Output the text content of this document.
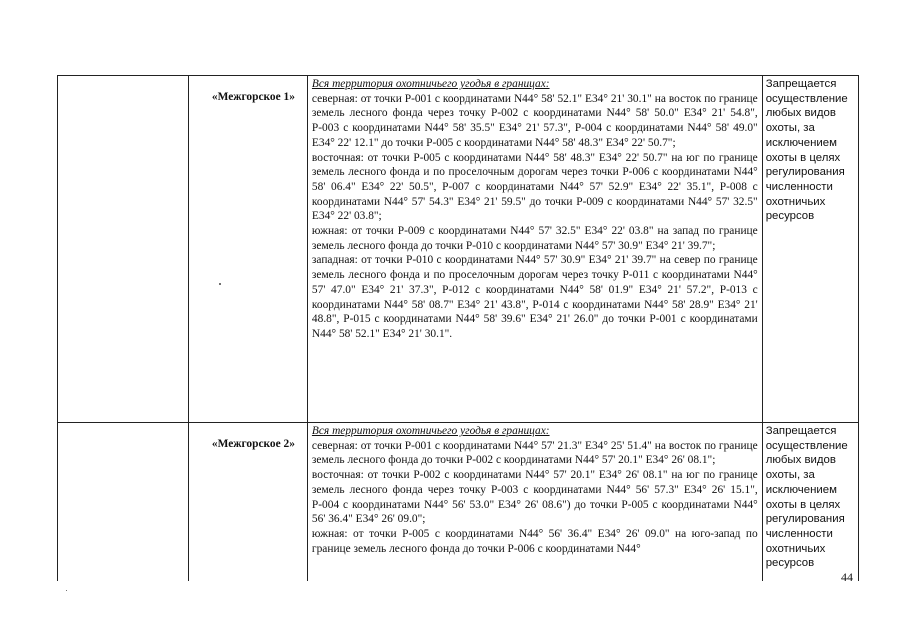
	«Межгорское 1»	Вся территория охотничьего угодья в границах:

северная: от точки Р-001 с координатами N44° 58' 52.1" E34° 21' 30.1" на восток по границе земель лесного фонда через точку Р-002 с координатами N44° 58' 50.0" E34° 21' 54.8", Р-003 с координатами N44° 58' 35.5" E34° 21' 57.3", Р-004 с координатами N44° 58' 49.0" E34° 22' 12.1" до точки Р-005 с координатами N44° 58' 48.3" E34° 22' 50.7";

восточная: от точки Р-005 с координатами N44° 58' 48.3" E34° 22' 50.7" на юг по границе земель лесного фонда и по проселочным дорогам через точки Р-006 с координатами N44° 58' 06.4" E34° 22' 50.5", Р-007 с координатами N44° 57' 52.9" E34° 22' 35.1", Р-008 с координатами N44° 57' 54.3" E34° 21' 59.5" до точки Р-009 с координатами N44° 57' 32.5" E34° 22' 03.8";

южная: от точки Р-009 с координатами N44° 57' 32.5" E34° 22' 03.8" на запад по границе земель лесного фонда до точки Р-010 с координатами N44° 57' 30.9" E34° 21' 39.7";

западная: от точки Р-010 с координатами N44° 57' 30.9" E34° 21' 39.7" на север по границе земель лесного фонда и по проселочным дорогам через точку Р-011 с координатами N44° 57' 47.0" E34° 21' 37.3", Р-012 с координатами N44° 58' 01.9" E34° 21' 57.2", Р-013 с координатами N44° 58' 08.7" E34° 21' 43.8", Р-014 с координатами N44° 58' 28.9" E34° 21' 48.8", Р-015 с координатами N44° 58' 39.6" E34° 21' 26.0" до точки Р-001 с координатами N44° 58' 52.1" E34° 21' 30.1".	Запрещается осуществление любых видов охоты, за исключением охоты в целях регулирования численности охотничьих ресурсов
	«Межгорское 2»	Вся территория охотничьего угодья в границах:

северная: от точки Р-001 с координатами N44° 57' 21.3" E34° 25' 51.4" на восток по границе земель лесного фонда до точки Р-002 с координатами N44° 57' 20.1" E34° 26' 08.1";

восточная: от точки Р-002 с координатами N44° 57' 20.1" E34° 26' 08.1" на юг по границе земель лесного фонда через точку Р-003 с координатами N44° 56' 57.3" E34° 26' 15.1", Р-004 с координатами N44° 56' 53.0" E34° 26' 08.6") до точки Р-005 с координатами N44° 56' 36.4" E34° 26' 09.0";

южная: от точки Р-005 с координатами N44° 56' 36.4" E34° 26' 09.0" на юго-запад по границе земель лесного фонда до точки Р-006 с координатами N44°	Запрещается осуществление любых видов охоты, за исключением охоты в целях регулирования численности охотничьих ресурсов
44
